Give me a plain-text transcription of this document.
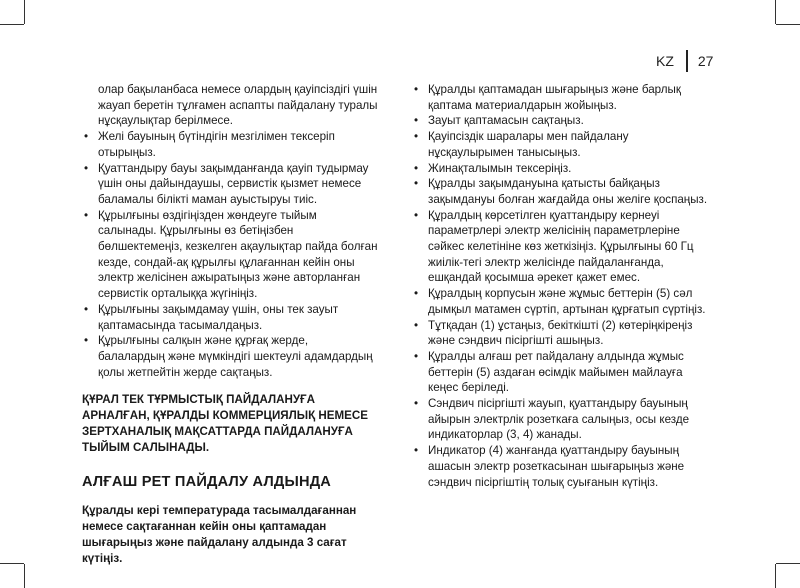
KZ	27

олар бақыланбаса немесе олардың қауіпсіздігі үшін жауап беретін тұлғамен аспапты пайдалану туралы нұсқаулықтар берілмесе.

• Желі бауының бүтіндігін мезгілімен тексеріп отырыңыз.
• Қуаттандыру бауы зақымданғанда қауіп тудырмау үшін оны дайындаушы, сервистік қызмет немесе баламалы білікті маман ауыстыруы тиіс.
• Құрылғыны өздігіңізден жөндеуге тыйым салынады. Құрылғыны өз бетіңізбен бөлшектемеңіз, кезкелген ақаулықтар пайда болған кезде, сондай-ақ құрылғы құлағаннан кейін оны электр желісінен ажыратыңыз және авторланған сервистік орталыққа жүгініңіз.
• Құрылғыны зақымдамау үшін, оны тек зауыт қаптамасында тасымалдаңыз.
• Құрылғыны салқын және құрғақ жерде, балалардың және мүмкіндігі шектеулі адамдардың қолы жетпейтін жерде сақтаңыз.
ҚҰРАЛ ТЕК ТҰРМЫСТЫҚ ПАЙДАЛАНУҒА АРНАЛҒАН, ҚҰРАЛДЫ КОММЕРЦИЯЛЫҚ НЕМЕСЕ ЗЕРТХАНАЛЫҚ МАҚСАТТАРДА ПАЙДАЛАНУҒА ТЫЙЫМ САЛЫНАДЫ.
АЛҒАШ РЕТ ПАЙДАЛУ АЛДЫНДА
Құралды кері температурада тасымалдағаннан немесе сақтағаннан кейін оны қаптамадан шығарыңыз және пайдалану алдында 3 сағат күтіңіз.
• Құралды қаптамадан шығарыңыз және барлық қаптама материалдарын жойыңыз.
• Зауыт қаптамасын сақтаңыз.
• Қауіпсіздік шаралары мен пайдалану нұсқаулырымен танысыңыз.
• Жинақталымын тексеріңіз.
• Құралды зақымдануына қатысты байқаңыз зақымдануы болған жағдайда оны желіге қоспаңыз.
• Құралдың көрсетілген қуаттандыру кернеуі параметрлері электр желісінің параметрлеріне сәйкес келетініне көз жеткізіңіз. Құрылғыны 60 Гц жиілік-тегі электр желісінде пайдаланғанда, ешқандай қосымша әрекет қажет емес.
• Құралдың корпусын және жұмыс беттерін (5) сәл дымқыл матамен сүртіп, артынан құрғатып сүртіңіз.
• Тұтқадан (1) ұстаңыз, бекіткішті (2) көтеріңкіреңіз және сэндвич пісіргішті ашыңыз.
• Құралды алғаш рет пайдалану алдында жұмыс беттерін (5) аздаған өсімдік майымен майлауға кеңес беріледі.
• Сэндвич пісіргішті жауып, қуаттандыру бауының айырын электрлік розеткаға салыңыз, осы кезде индикаторлар (3, 4) жанады.
• Индикатор (4) жанғанда қуаттандыру бауының ашасын электр розеткасынан шығарыңыз және сэндвич пісіргіштің толық суығанын күтіңіз.
